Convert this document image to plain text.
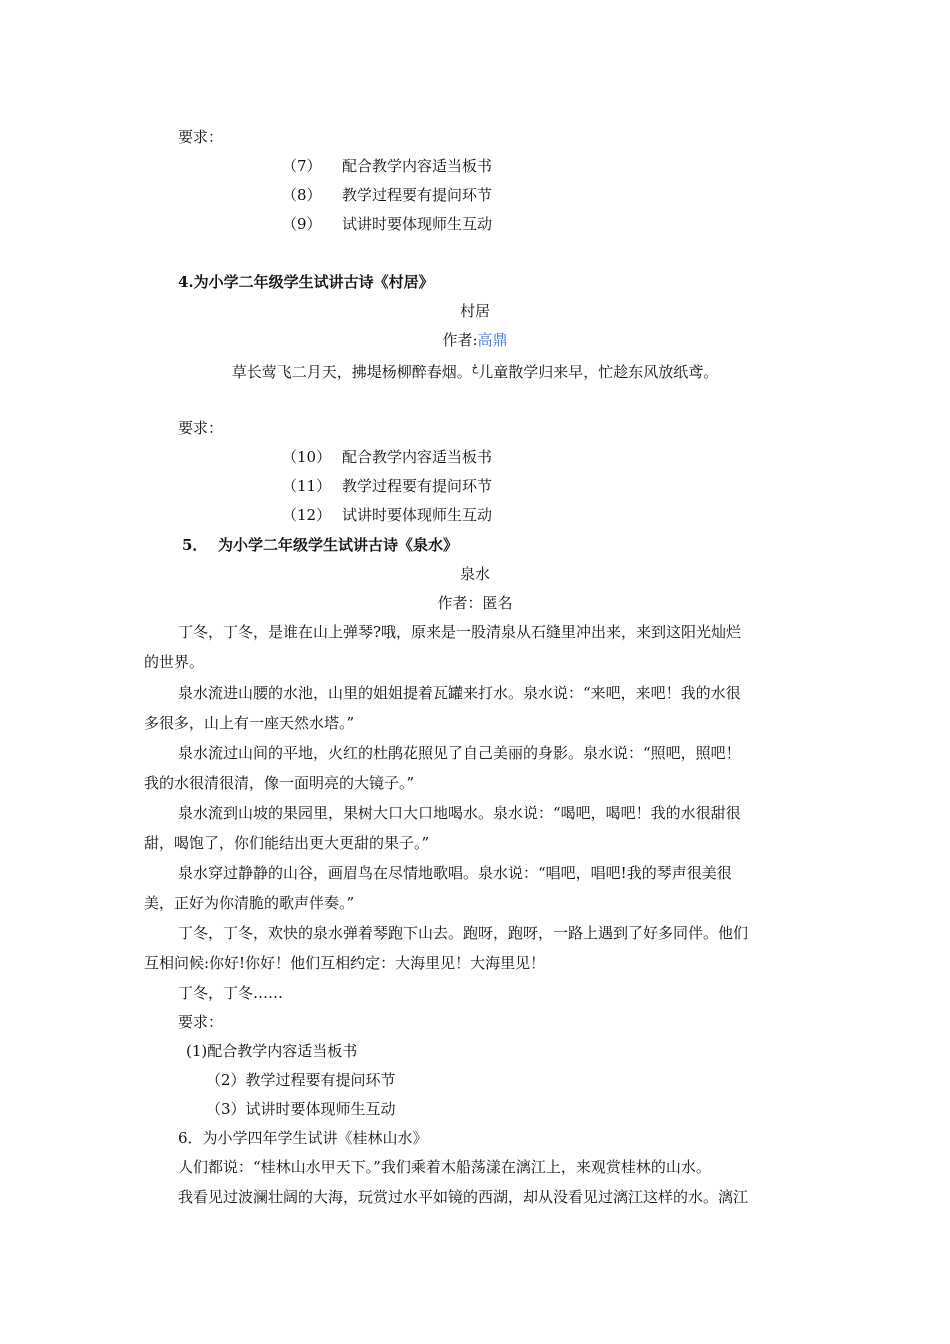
要求：
（7） 配合教学内容适当板书
（8） 教学过程要有提问环节
（9） 试讲时要体现师生互动
4.为小学二年级学生试讲古诗《村居》
村居
作者:高鼎
草长莺飞二月天，拂堤杨柳醉春烟。$^ځ$儿童散学归来早，忙趁东风放纸鸢。
要求：
（10） 配合教学内容适当板书
（11） 教学过程要有提问环节
（12） 试讲时要体现师生互动
5． 为小学二年级学生试讲古诗《泉水》
泉水
作者：匿名
丁冬，丁冬，是谁在山上弹琴?哦，原来是一股清泉从石缝里冲出来，来到这阳光灿烂
的世界。
泉水流进山腰的水池，山里的姐姐提着瓦罐来打水。泉水说：“来吧，来吧！我的水很
多很多，山上有一座天然水塔。”
泉水流过山间的平地，火红的杜鹃花照见了自己美丽的身影。泉水说：“照吧，照吧！
我的水很清很清，像一面明亮的大镜子。”
泉水流到山坡的果园里，果树大口大口地喝水。泉水说：“喝吧，喝吧！我的水很甜很
甜，喝饱了，你们能结出更大更甜的果子。”
泉水穿过静静的山谷，画眉鸟在尽情地歌唱。泉水说：“唱吧，唱吧!我的琴声很美很
美，正好为你清脆的歌声伴奏。”
丁冬，丁冬，欢快的泉水弹着琴跑下山去。跑呀，跑呀，一路上遇到了好多同伴。他们
互相问候:你好!你好！他们互相约定：大海里见！大海里见！
丁冬，丁冬……
要求：
(1)配合教学内容适当板书
（2）教学过程要有提问环节
（3）试讲时要体现师生互动
6．为小学四年学生试讲《桂林山水》
人们都说：“桂林山水甲天下。”我们乘着木船荡漾在漓江上，来观赏桂林的山水。
我看见过波澜壮阔的大海，玩赏过水平如镜的西湖，却从没看见过漓江这样的水。漓江
